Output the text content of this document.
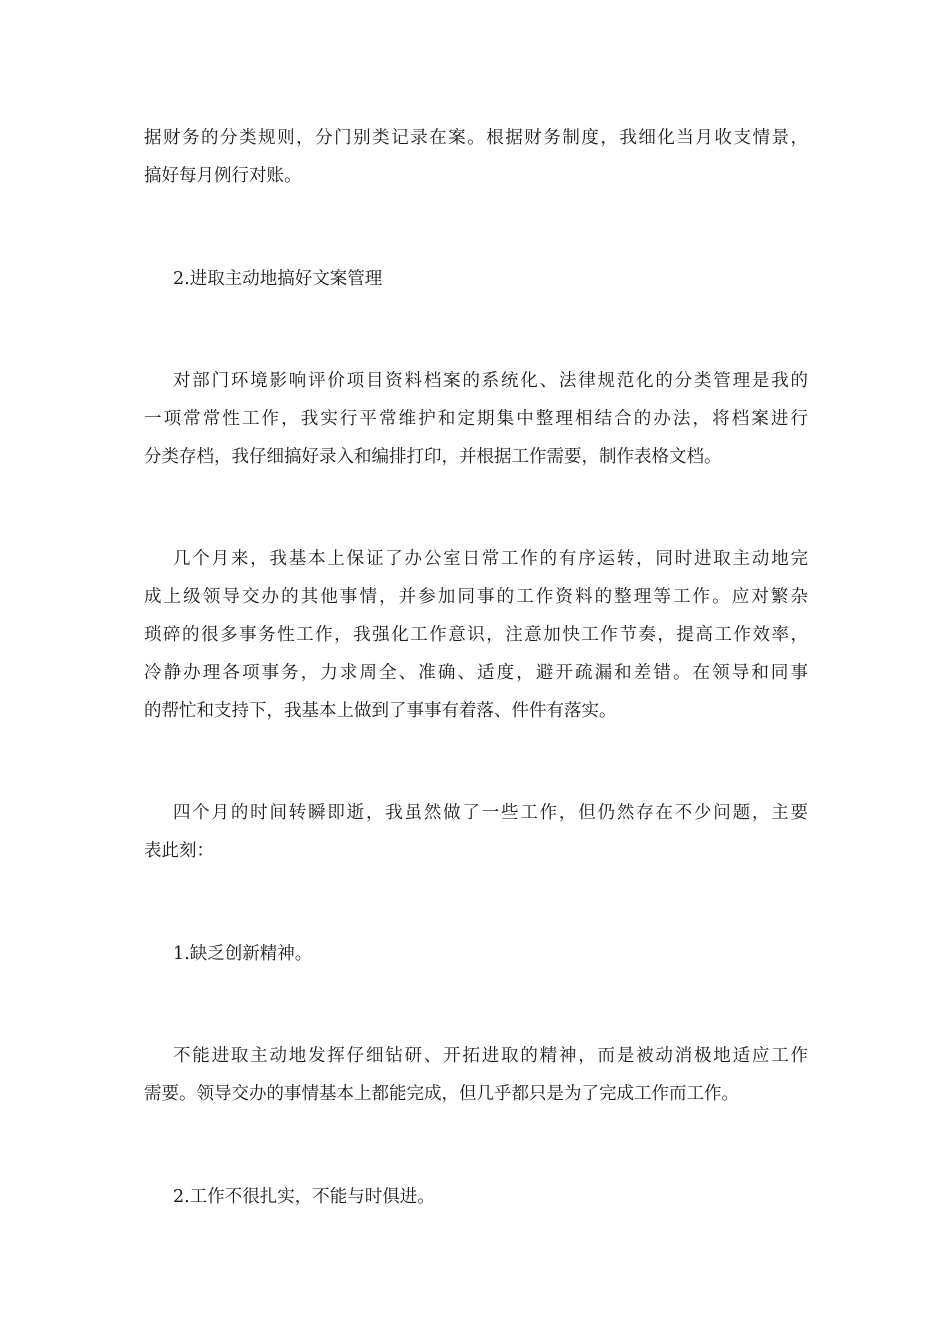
据财务的分类规则，分门别类记录在案。根据财务制度，我细化当月收支情景，
搞好每月例行对账。
2.进取主动地搞好文案管理
对部门环境影响评价项目资料档案的系统化、法律规范化的分类管理是我的
一项常常性工作，我实行平常维护和定期集中整理相结合的办法，将档案进行
分类存档，我仔细搞好录入和编排打印，并根据工作需要，制作表格文档。
几个月来，我基本上保证了办公室日常工作的有序运转，同时进取主动地完
成上级领导交办的其他事情，并参加同事的工作资料的整理等工作。应对繁杂
琐碎的很多事务性工作，我强化工作意识，注意加快工作节奏，提高工作效率，
冷静办理各项事务，力求周全、准确、适度，避开疏漏和差错。在领导和同事
的帮忙和支持下，我基本上做到了事事有着落、件件有落实。
四个月的时间转瞬即逝，我虽然做了一些工作，但仍然存在不少问题，主要
表此刻：
1.缺乏创新精神。
不能进取主动地发挥仔细钻研、开拓进取的精神，而是被动消极地适应工作
需要。领导交办的事情基本上都能完成，但几乎都只是为了完成工作而工作。
2.工作不很扎实，不能与时俱进。
